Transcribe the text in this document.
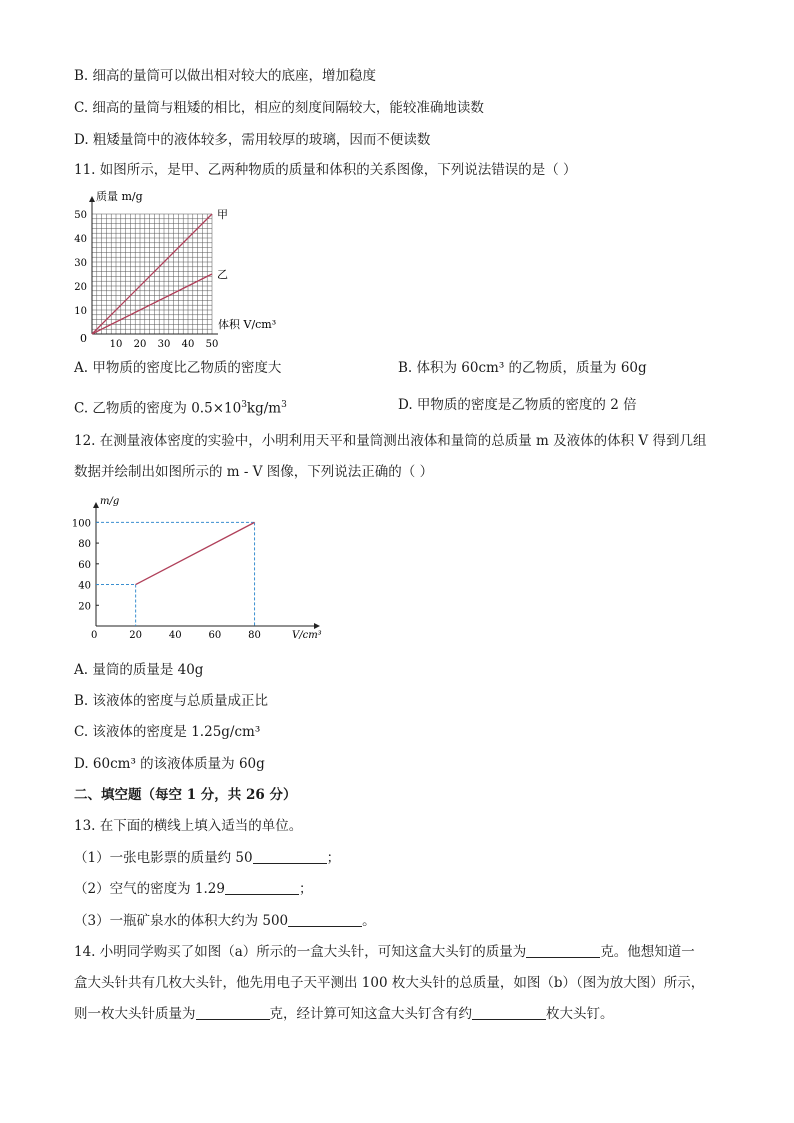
B. 细高的量筒可以做出相对较大的底座，增加稳度
C. 细高的量筒与粗矮的相比，相应的刻度间隔较大，能较准确地读数
D. 粗矮量筒中的液体较多，需用较厚的玻璃，因而不便读数
11. 如图所示，是甲、乙两种物质的质量和体积的关系图像，下列说法错误的是（ ）
质量 m/g
体积 V/cm³
0 10 20 30 40 50
10
20
30
40
50	甲
乙
A. 甲物质的密度比乙物质的密度大	B. 体积为 60cm³ 的乙物质，质量为 60g
C. 乙物质的密度为 $0.5\times 10^3kg/m^3$	D. 甲物质的密度是乙物质的密度的 2 倍
12. 在测量液体密度的实验中，小明利用天平和量筒测出液体和量筒的总质量 m 及液体的体积 V 得到几组
数据并绘制出如图所示的 m - V 图像，下列说法正确的（ ）
m/g
V/cm³
0	20	40	60	80
20
40
60
80
100
A. 量筒的质量是 40g
B. 该液体的密度与总质量成正比
C. 该液体的密度是 1.25g/cm³
D. 60cm³ 的该液体质量为 60g
二、填空题（每空 1 分，共 26 分）
13. 在下面的横线上填入适当的单位。
（1）一张电影票的质量约 50	；
（2）空气的密度为 1.29	；
（3）一瓶矿泉水的体积大约为 500	。
14. 小明同学购买了如图（a）所示的一盒大头针，可知这盒大头钉的质量为	克。他想知道一
盒大头针共有几枚大头针，他先用电子天平测出 100 枚大头针的总质量，如图（b）（图为放大图）所示，
则一枚大头针质量为	克，经计算可知这盒大头钉含有约	枚大头钉。
